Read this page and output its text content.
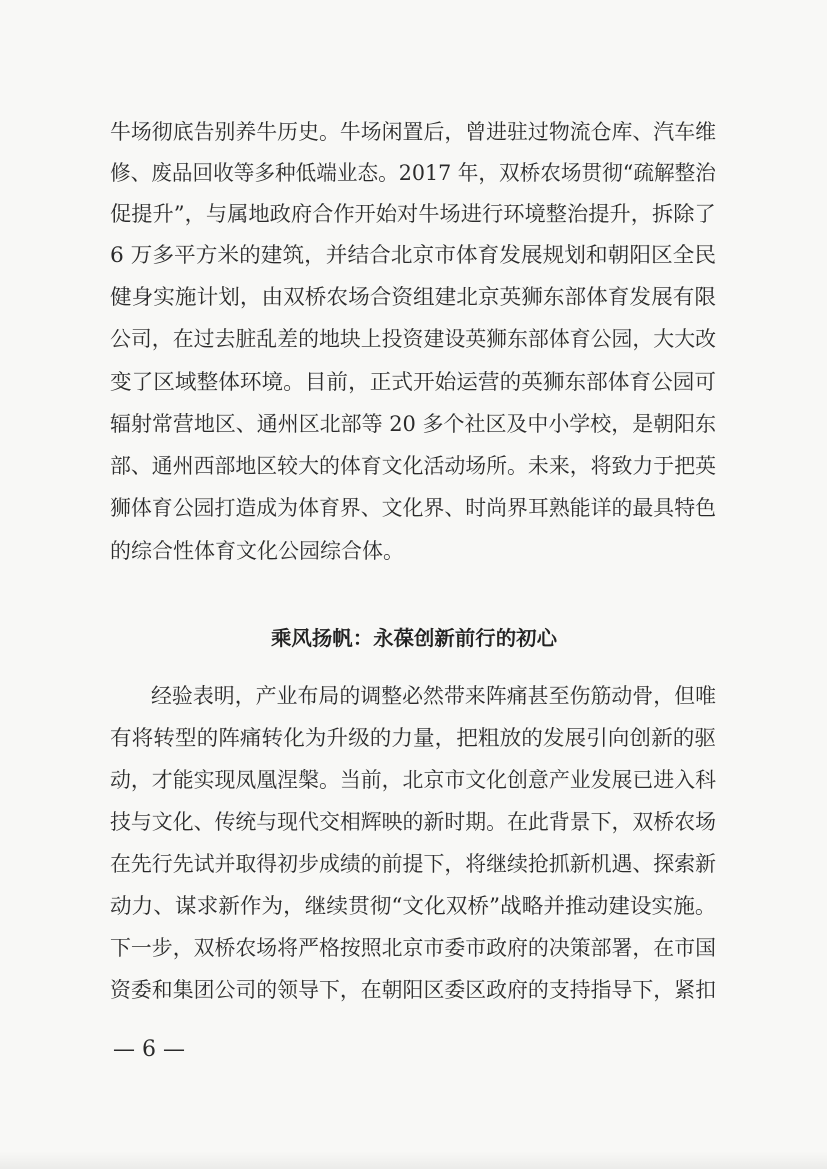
牛场彻底告别养牛历史。牛场闲置后，曾进驻过物流仓库、汽车维
修、废品回收等多种低端业态。2017 年，双桥农场贯彻“疏解整治
促提升”，与属地政府合作开始对牛场进行环境整治提升，拆除了
6 万多平方米的建筑，并结合北京市体育发展规划和朝阳区全民
健身实施计划，由双桥农场合资组建北京英狮东部体育发展有限
公司，在过去脏乱差的地块上投资建设英狮东部体育公园，大大改
变了区域整体环境。目前，正式开始运营的英狮东部体育公园可
辐射常营地区、通州区北部等 20 多个社区及中小学校，是朝阳东
部、通州西部地区较大的体育文化活动场所。未来，将致力于把英
狮体育公园打造成为体育界、文化界、时尚界耳熟能详的最具特色
的综合性体育文化公园综合体。
乘风扬帆：永葆创新前行的初心
经验表明，产业布局的调整必然带来阵痛甚至伤筋动骨，但唯
有将转型的阵痛转化为升级的力量，把粗放的发展引向创新的驱
动，才能实现凤凰涅槃。当前，北京市文化创意产业发展已进入科
技与文化、传统与现代交相辉映的新时期。在此背景下，双桥农场
在先行先试并取得初步成绩的前提下，将继续抢抓新机遇、探索新
动力、谋求新作为，继续贯彻“文化双桥”战略并推动建设实施。
下一步，双桥农场将严格按照北京市委市政府的决策部署，在市国
资委和集团公司的领导下，在朝阳区委区政府的支持指导下，紧扣
— 6 —
